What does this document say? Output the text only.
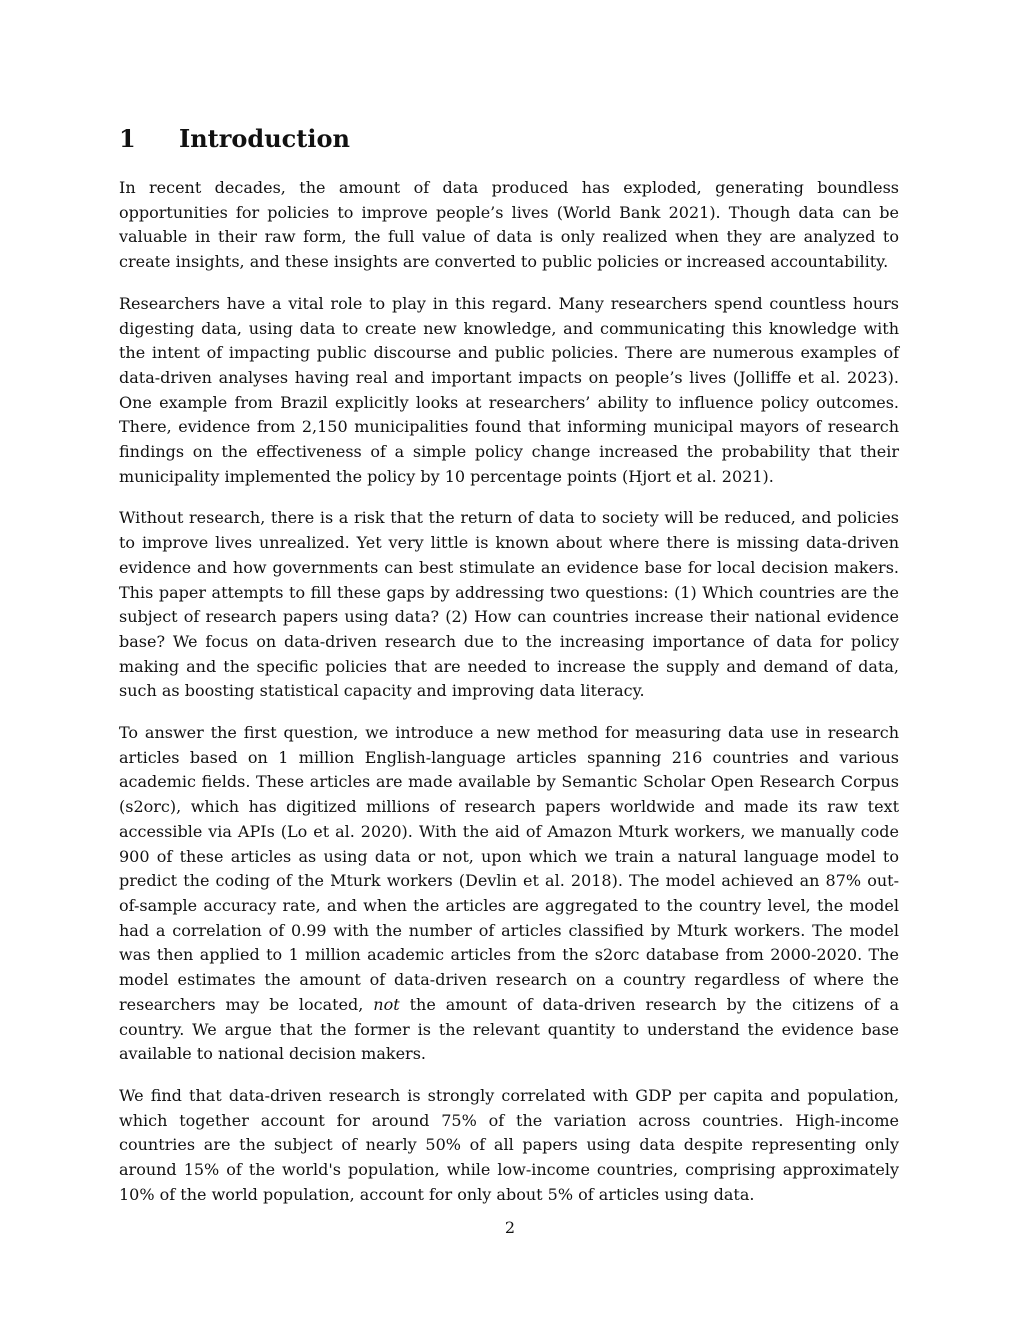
1	Introduction

In recent decades, the amount of data produced has exploded, generating boundless opportunities for policies to improve people’s lives (World Bank 2021). Though data can be valuable in their raw form, the full value of data is only realized when they are analyzed to create insights, and these insights are converted to public policies or increased accountability.

Researchers have a vital role to play in this regard. Many researchers spend countless hours digesting data, using data to create new knowledge, and communicating this knowledge with the intent of impacting public discourse and public policies. There are numerous examples of data-driven analyses having real and important impacts on people’s lives (Jolliffe et al. 2023). One example from Brazil explicitly looks at researchers’ ability to influence policy outcomes. There, evidence from 2,150 municipalities found that informing municipal mayors of research findings on the effectiveness of a simple policy change increased the probability that their municipality implemented the policy by 10 percentage points (Hjort et al. 2021).

Without research, there is a risk that the return of data to society will be reduced, and policies to improve lives unrealized. Yet very little is known about where there is missing data-driven evidence and how governments can best stimulate an evidence base for local decision makers. This paper attempts to fill these gaps by addressing two questions: (1) Which countries are the subject of research papers using data? (2) How can countries increase their national evidence base? We focus on data-driven research due to the increasing importance of data for policy making and the specific policies that are needed to increase the supply and demand of data, such as boosting statistical capacity and improving data literacy.

To answer the first question, we introduce a new method for measuring data use in research articles based on 1 million English-language articles spanning 216 countries and various academic fields. These articles are made available by Semantic Scholar Open Research Corpus (s2orc), which has digitized millions of research papers worldwide and made its raw text accessible via APIs (Lo et al. 2020). With the aid of Amazon Mturk workers, we manually code 900 of these articles as using data or not, upon which we train a natural language model to predict the coding of the Mturk workers (Devlin et al. 2018). The model achieved an 87% out-of-sample accuracy rate, and when the articles are aggregated to the country level, the model had a correlation of 0.99 with the number of articles classified by Mturk workers. The model was then applied to 1 million academic articles from the s2orc database from 2000-2020. The model estimates the amount of data-driven research on a country regardless of where the researchers may be located, not the amount of data-driven research by the citizens of a country. We argue that the former is the relevant quantity to understand the evidence base available to national decision makers.

We find that data-driven research is strongly correlated with GDP per capita and population, which together account for around 75% of the variation across countries. High-income countries are the subject of nearly 50% of all papers using data despite representing only around 15% of the world's population, while low-income countries, comprising approximately 10% of the world population, account for only about 5% of articles using data.

2
